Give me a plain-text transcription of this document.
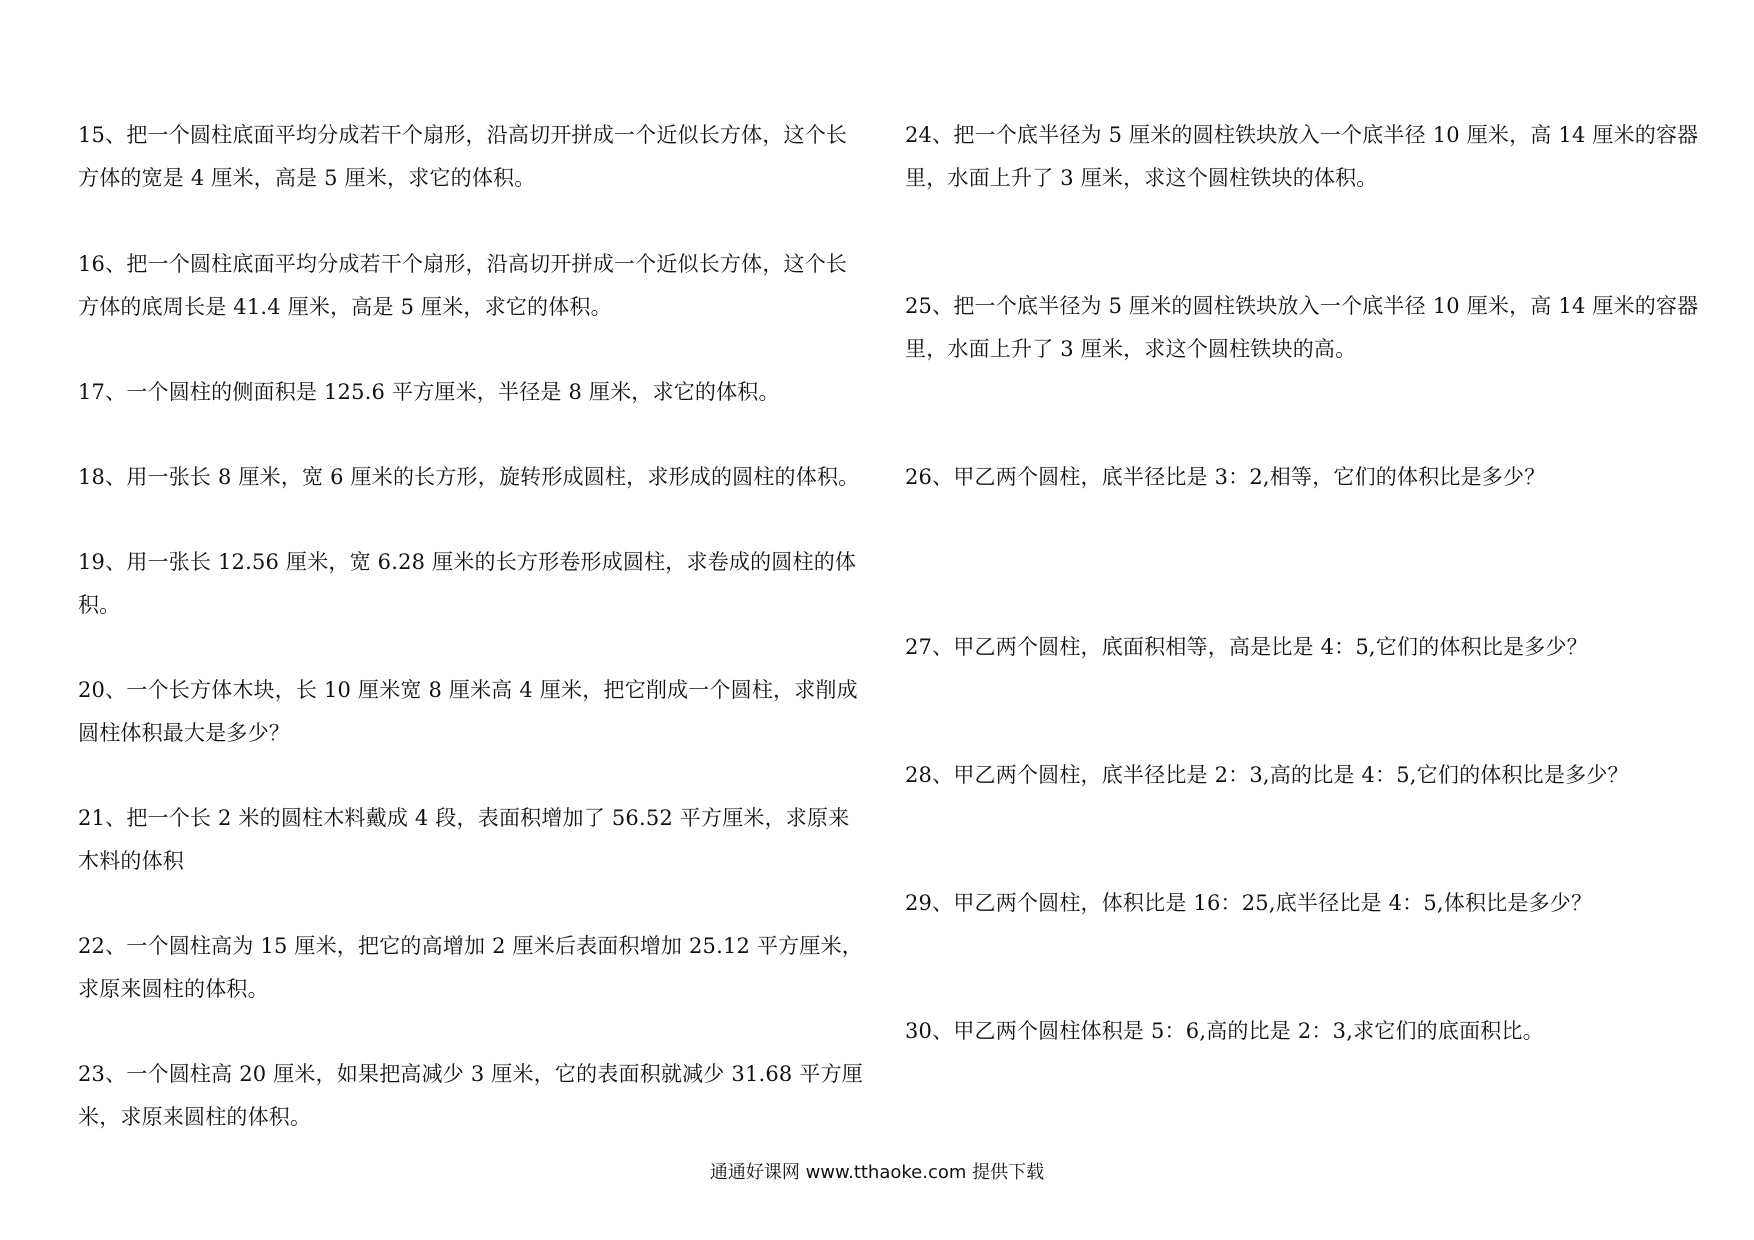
15、把一个圆柱底面平均分成若干个扇形，沿高切开拼成一个近似长方体，这个长方体的宽是 4 厘米，高是 5 厘米，求它的体积。
16、把一个圆柱底面平均分成若干个扇形，沿高切开拼成一个近似长方体，这个长方体的底周长是 41.4 厘米，高是 5 厘米，求它的体积。
17、一个圆柱的侧面积是 125.6 平方厘米，半径是 8 厘米，求它的体积。
18、用一张长 8 厘米，宽 6 厘米的长方形，旋转形成圆柱，求形成的圆柱的体积。
19、用一张长 12.56 厘米，宽 6.28 厘米的长方形卷形成圆柱，求卷成的圆柱的体积。
20、一个长方体木块，长 10 厘米宽 8 厘米高 4 厘米，把它削成一个圆柱，求削成圆柱体积最大是多少？
21、把一个长 2 米的圆柱木料戴成 4 段，表面积增加了 56.52 平方厘米，求原来木料的体积
22、一个圆柱高为 15 厘米，把它的高增加 2 厘米后表面积增加 25.12 平方厘米，求原来圆柱的体积。
23、一个圆柱高 20 厘米，如果把高减少 3 厘米，它的表面积就减少 31.68 平方厘米，求原来圆柱的体积。
24、把一个底半径为 5 厘米的圆柱铁块放入一个底半径 10 厘米，高 14 厘米的容器里，水面上升了 3 厘米，求这个圆柱铁块的体积。
25、把一个底半径为 5 厘米的圆柱铁块放入一个底半径 10 厘米，高 14 厘米的容器里，水面上升了 3 厘米，求这个圆柱铁块的高。
26、甲乙两个圆柱，底半径比是 3：2,相等，它们的体积比是多少？
27、甲乙两个圆柱，底面积相等，高是比是 4：5,它们的体积比是多少？
28、甲乙两个圆柱，底半径比是 2：3,高的比是 4：5,它们的体积比是多少？
29、甲乙两个圆柱，体积比是 16：25,底半径比是 4：5,体积比是多少？
30、甲乙两个圆柱体积是 5：6,高的比是 2：3,求它们的底面积比。
通通好课网 www.tthaoke.com 提供下载
